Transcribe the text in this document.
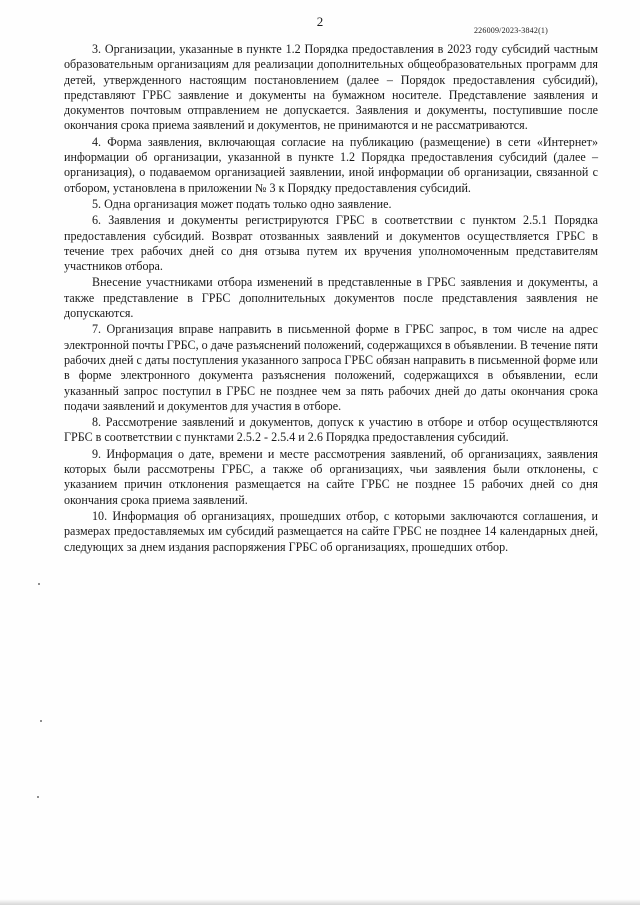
2
226009/2023-3842(1)

3. Организации, указанные в пункте 1.2 Порядка предоставления в 2023 году субсидий частным образовательным организациям для реализации дополнительных общеобразовательных программ для детей, утвержденного настоящим постановлением (далее – Порядок предоставления субсидий), представляют ГРБС заявление и документы на бумажном носителе. Представление заявления и документов почтовым отправлением не допускается. Заявления и документы, поступившие после окончания срока приема заявлений и документов, не принимаются и не рассматриваются.

4. Форма заявления, включающая согласие на публикацию (размещение) в сети «Интернет» информации об организации, указанной в пункте 1.2 Порядка предоставления субсидий (далее – организация), о подаваемом организацией заявлении, иной информации об организации, связанной с отбором, установлена в приложении № 3 к Порядку предоставления субсидий.

5. Одна организация может подать только одно заявление.

6. Заявления и документы регистрируются ГРБС в соответствии с пунктом 2.5.1 Порядка предоставления субсидий. Возврат отозванных заявлений и документов осуществляется ГРБС в течение трех рабочих дней со дня отзыва путем их вручения уполномоченным представителям участников отбора.

Внесение участниками отбора изменений в представленные в ГРБС заявления и документы, а также представление в ГРБС дополнительных документов после представления заявления не допускаются.

7. Организация вправе направить в письменной форме в ГРБС запрос, в том числе на адрес электронной почты ГРБС, о даче разъяснений положений, содержащихся в объявлении. В течение пяти рабочих дней с даты поступления указанного запроса ГРБС обязан направить в письменной форме или в форме электронного документа разъяснения положений, содержащихся в объявлении, если указанный запрос поступил в ГРБС не позднее чем за пять рабочих дней до даты окончания срока подачи заявлений и документов для участия в отборе.

8. Рассмотрение заявлений и документов, допуск к участию в отборе и отбор осуществляются ГРБС в соответствии с пунктами 2.5.2 - 2.5.4 и 2.6 Порядка предоставления субсидий.

9. Информация о дате, времени и месте рассмотрения заявлений, об организациях, заявления которых были рассмотрены ГРБС, а также об организациях, чьи заявления были отклонены, с указанием причин отклонения размещается на сайте ГРБС не позднее 15 рабочих дней со дня окончания срока приема заявлений.

10. Информация об организациях, прошедших отбор, с которыми заключаются соглашения, и размерах предоставляемых им субсидий размещается на сайте ГРБС не позднее 14 календарных дней, следующих за днем издания распоряжения ГРБС об организациях, прошедших отбор.
